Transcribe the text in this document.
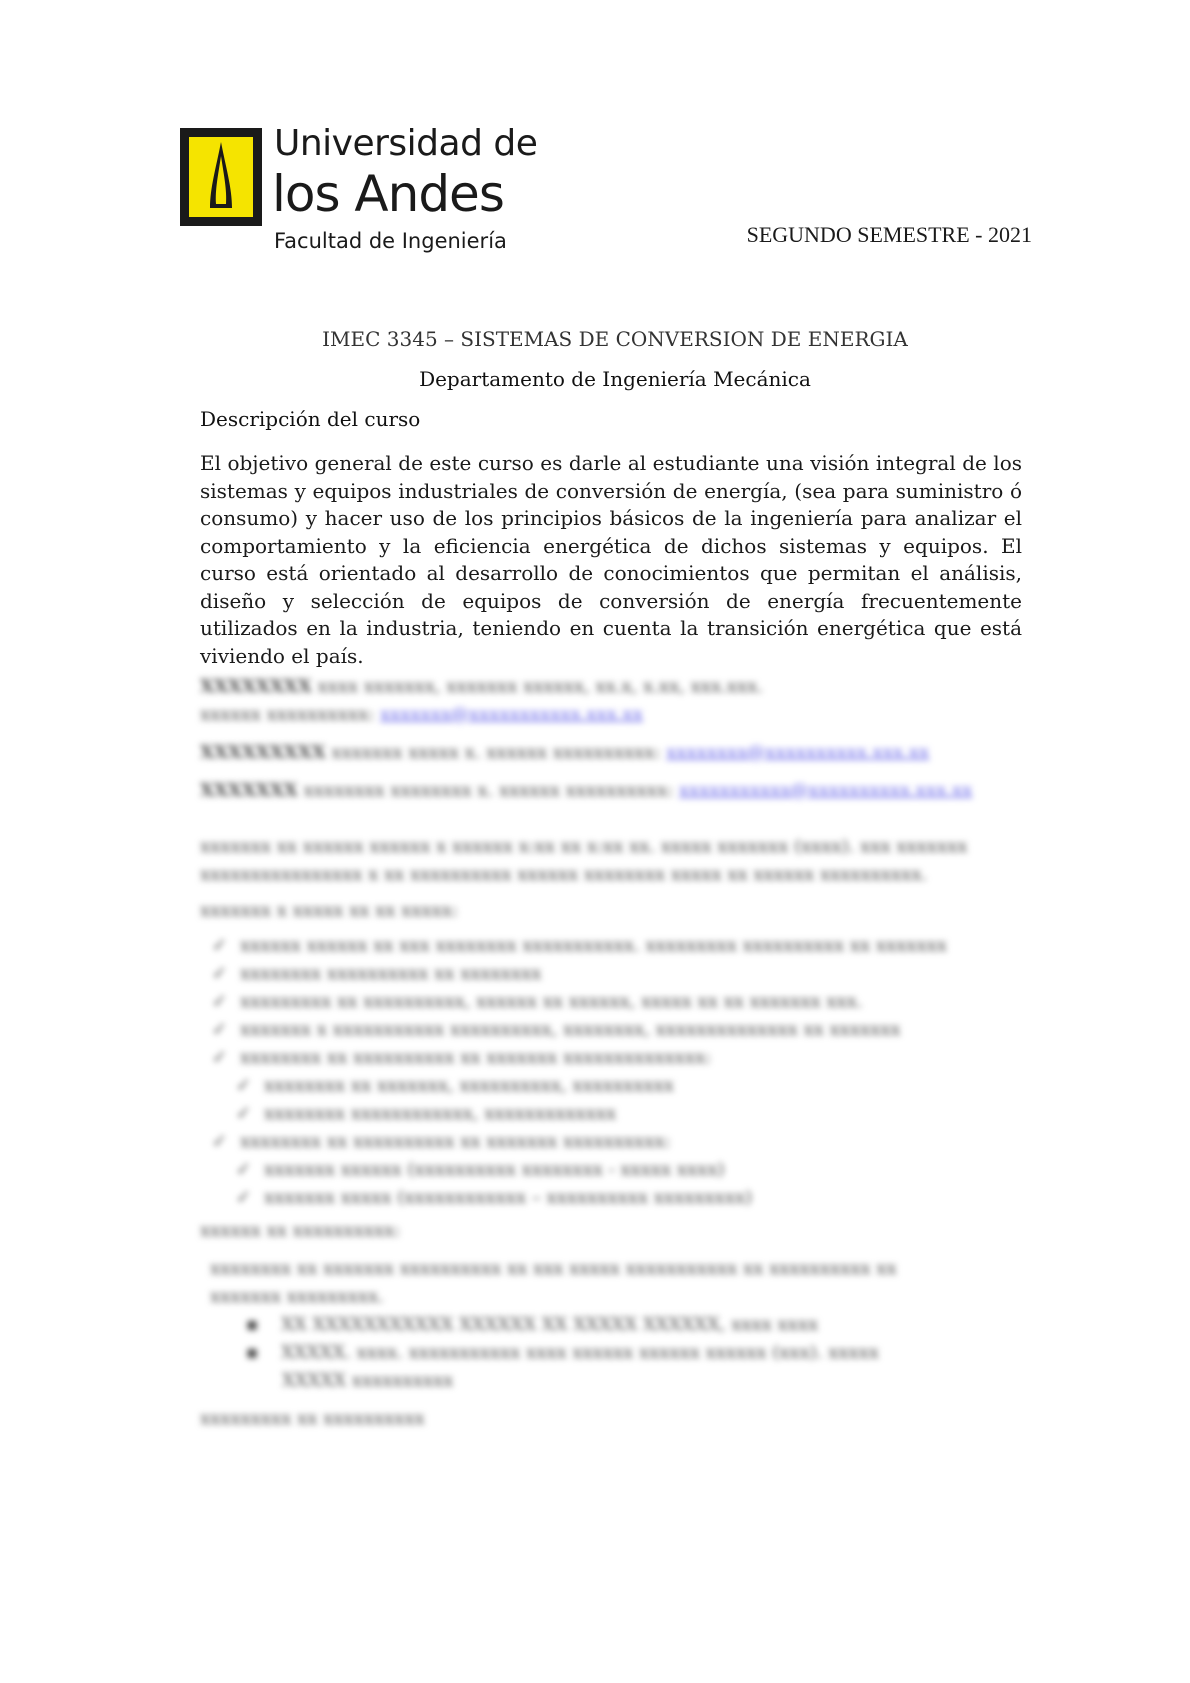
Universidad de
los Andes
Facultad de Ingeniería	SEGUNDO SEMESTRE - 2021
IMEC 3345 – SISTEMAS DE CONVERSION DE ENERGIA
Departamento de Ingeniería Mecánica
Descripción del curso
El objetivo general de este curso es darle al estudiante una visión integral de los sistemas y equipos industriales de conversión de energía, (sea para suministro ó consumo) y hacer uso de los principios básicos de la ingeniería para analizar el comportamiento y la eficiencia energética de dichos sistemas y equipos. El curso está orientado al desarrollo de conocimientos que permitan el análisis, diseño y selección de equipos de conversión de energía frecuentemente utilizados en la industria, teniendo en cuenta la transición energética que está viviendo el país.
XXXXXXXX xxxx xxxxxxx, xxxxxxx xxxxxx, xx.x, x.xx, xxx.xxx.
xxxxxx xxxxxxxxxx: xxxxxxx@xxxxxxxxxxx.xxx.xx
XXXXXXXXX xxxxxxx xxxxx x. xxxxxx xxxxxxxxxx: xxxxxxxx@xxxxxxxxxx.xxx.xx
XXXXXXX xxxxxxxx xxxxxxxx x. xxxxxx xxxxxxxxxx: xxxxxxxxxxx@xxxxxxxxxx.xxx.xx
xxxxxxx xx xxxxxx xxxxxx x xxxxxx x:xx xx x:xx xx. xxxxx xxxxxxx (xxxx). xxx xxxxxxx
xxxxxxxxxxxxxxxx x xx xxxxxxxxxx xxxxxx xxxxxxxx xxxxx xx xxxxxx xxxxxxxxxx.
xxxxxxx x xxxxx xx xx xxxxx:
✓ xxxxxx xxxxxx xx xxx xxxxxxxx xxxxxxxxxxx. xxxxxxxxx xxxxxxxxxx xx xxxxxxx
✓ xxxxxxxx xxxxxxxxxx xx xxxxxxxx
✓ xxxxxxxxx xx xxxxxxxxxx, xxxxxx xx xxxxxx, xxxxx xx xx xxxxxxx xxx.
✓ xxxxxxx x xxxxxxxxxxx xxxxxxxxxx, xxxxxxxx, xxxxxxxxxxxxxx xx xxxxxxx
✓ xxxxxxxx xx xxxxxxxxxx xx xxxxxxx xxxxxxxxxxxxxx:
✓ xxxxxxxx xx xxxxxxx, xxxxxxxxxx, xxxxxxxxxx
✓ xxxxxxxx xxxxxxxxxxxx, xxxxxxxxxxxxx
✓ xxxxxxxx xx xxxxxxxxxx xx xxxxxxx xxxxxxxxxx:
✓ xxxxxxx xxxxxx (xxxxxxxxxx xxxxxxxx - xxxxx xxxx)
✓ xxxxxxx xxxxx (xxxxxxxxxxxx – xxxxxxxxxx xxxxxxxxx)
xxxxxx xx xxxxxxxxxx:
xxxxxxxx xx xxxxxxx xxxxxxxxxx xx xxx xxxxx xxxxxxxxxxx xx xxxxxxxxxx xx
xxxxxxx xxxxxxxxx.
▪    XX XXXXXXXXXXX XXXXXX XX XXXXX XXXXXX, xxxx xxxx
▪    XXXXX. xxxx. xxxxxxxxxxx xxxx xxxxxx xxxxxx xxxxxx (xxx). xxxxx
XXXXX xxxxxxxxxx
xxxxxxxxx xx xxxxxxxxxx
